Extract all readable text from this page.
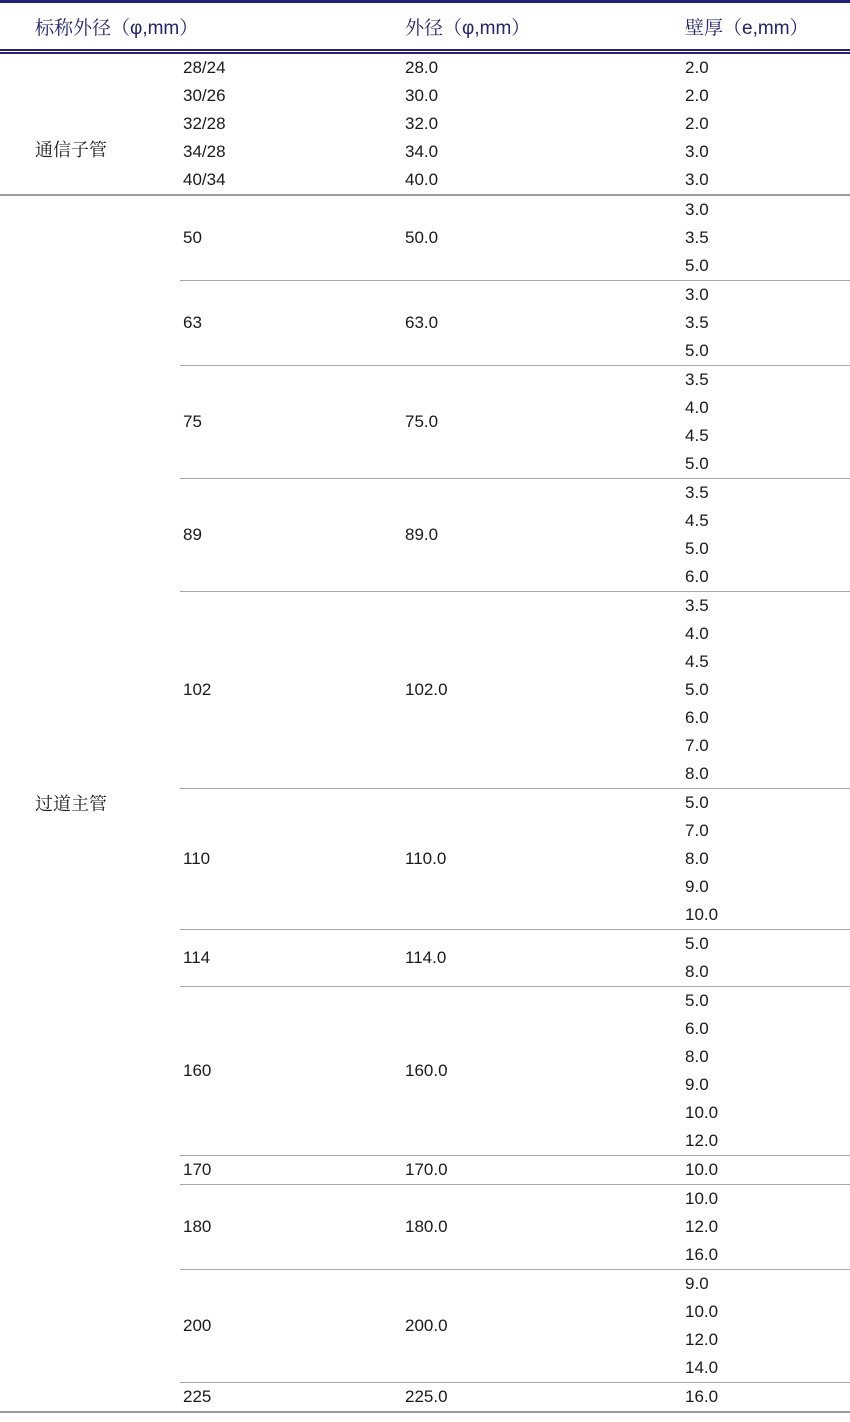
标称外径（φ,mm）		外径（φ,mm）	壁厚（e,mm）
通信子管	28/24	28.0	2.0
	30/26	30.0	2.0
	32/28	32.0	2.0
	34/28	34.0	3.0
	40/34	40.0	3.0
过道主管	50	50.0	3.0
			3.5
			5.0
	63	63.0	3.0
			3.5
			5.0
	75	75.0	3.5
			4.0
			4.5
			5.0
	89	89.0	3.5
			4.5
			5.0
			6.0
	102	102.0	3.5
			4.0
			4.5
			5.0
			6.0
			7.0
			8.0
	110	110.0	5.0
			7.0
			8.0
			9.0
			10.0
	114	114.0	5.0
			8.0
	160	160.0	5.0
			6.0
			8.0
			9.0
			10.0
			12.0
	170	170.0	10.0
	180	180.0	10.0
			12.0
			16.0
	200	200.0	9.0
			10.0
			12.0
			14.0
	225	225.0	16.0
